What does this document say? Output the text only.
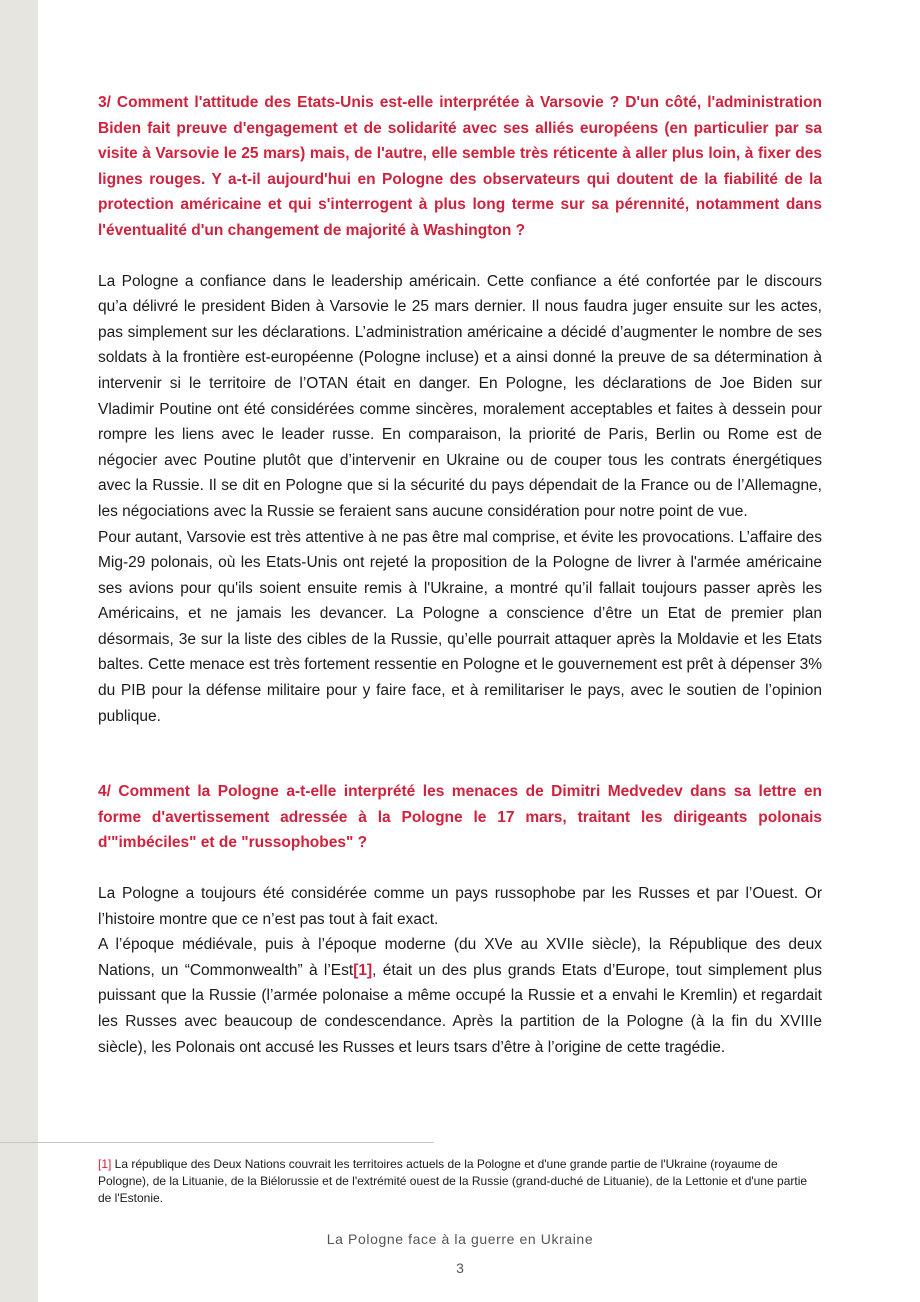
3/ Comment l'attitude des Etats-Unis est-elle interprétée à Varsovie ? D'un côté, l'administration Biden fait preuve d'engagement et de solidarité avec ses alliés européens (en particulier par sa visite à Varsovie le 25 mars) mais, de l'autre, elle semble très réticente à aller plus loin, à fixer des lignes rouges. Y a-t-il aujourd'hui en Pologne des observateurs qui doutent de la fiabilité de la protection américaine et qui s'interrogent à plus long terme sur sa pérennité, notamment dans l'éventualité d'un changement de majorité à Washington ?

La Pologne a confiance dans le leadership américain. Cette confiance a été confortée par le discours qu’a délivré le president Biden à Varsovie le 25 mars dernier. Il nous faudra juger ensuite sur les actes, pas simplement sur les déclarations. L’administration américaine a décidé d’augmenter le nombre de ses soldats à la frontière est-européenne (Pologne incluse) et a ainsi donné la preuve de sa détermination à intervenir si le territoire de l’OTAN était en danger. En Pologne, les déclarations de Joe Biden sur Vladimir Poutine ont été considérées comme sincères, moralement acceptables et faites à dessein pour rompre les liens avec le leader russe. En comparaison, la priorité de Paris, Berlin ou Rome est de négocier avec Poutine plutôt que d’intervenir en Ukraine ou de couper tous les contrats énergétiques avec la Russie. Il se dit en Pologne que si la sécurité du pays dépendait de la France ou de l’Allemagne, les négociations avec la Russie se feraient sans aucune considération pour notre point de vue.

Pour autant, Varsovie est très attentive à ne pas être mal comprise, et évite les provocations. L’affaire des Mig-29 polonais, où les Etats-Unis ont rejeté la proposition de la Pologne de livrer à l'armée américaine ses avions pour qu'ils soient ensuite remis à l'Ukraine, a montré qu’il fallait toujours passer après les Américains, et ne jamais les devancer. La Pologne a conscience d’être un Etat de premier plan désormais, 3e sur la liste des cibles de la Russie, qu’elle pourrait attaquer après la Moldavie et les Etats baltes. Cette menace est très fortement ressentie en Pologne et le gouvernement est prêt à dépenser 3% du PIB pour la défense militaire pour y faire face, et à remilitariser le pays, avec le soutien de l’opinion publique.

4/ Comment la Pologne a-t-elle interprété les menaces de Dimitri Medvedev dans sa lettre en forme d'avertissement adressée à la Pologne le 17 mars, traitant les dirigeants polonais d'"imbéciles" et de "russophobes" ?

La Pologne a toujours été considérée comme un pays russophobe par les Russes et par l’Ouest. Or l’histoire montre que ce n’est pas tout à fait exact.

A l’époque médiévale, puis à l’époque moderne (du XVe au XVIIe siècle), la République des deux Nations, un “Commonwealth” à l’Est[1], était un des plus grands Etats d’Europe, tout simplement plus puissant que la Russie (l’armée polonaise a même occupé la Russie et a envahi le Kremlin) et regardait les Russes avec beaucoup de condescendance. Après la partition de la Pologne (à la fin du XVIIIe siècle), les Polonais ont accusé les Russes et leurs tsars d’être à l’origine de cette tragédie.

[1] La république des Deux Nations couvrait les territoires actuels de la Pologne et d'une grande partie de l'Ukraine (royaume de Pologne), de la Lituanie, de la Biélorussie et de l'extrémité ouest de la Russie (grand-duché de Lituanie), de la Lettonie et d'une partie de l'Estonie.

La Pologne face à la guerre en Ukraine
3
